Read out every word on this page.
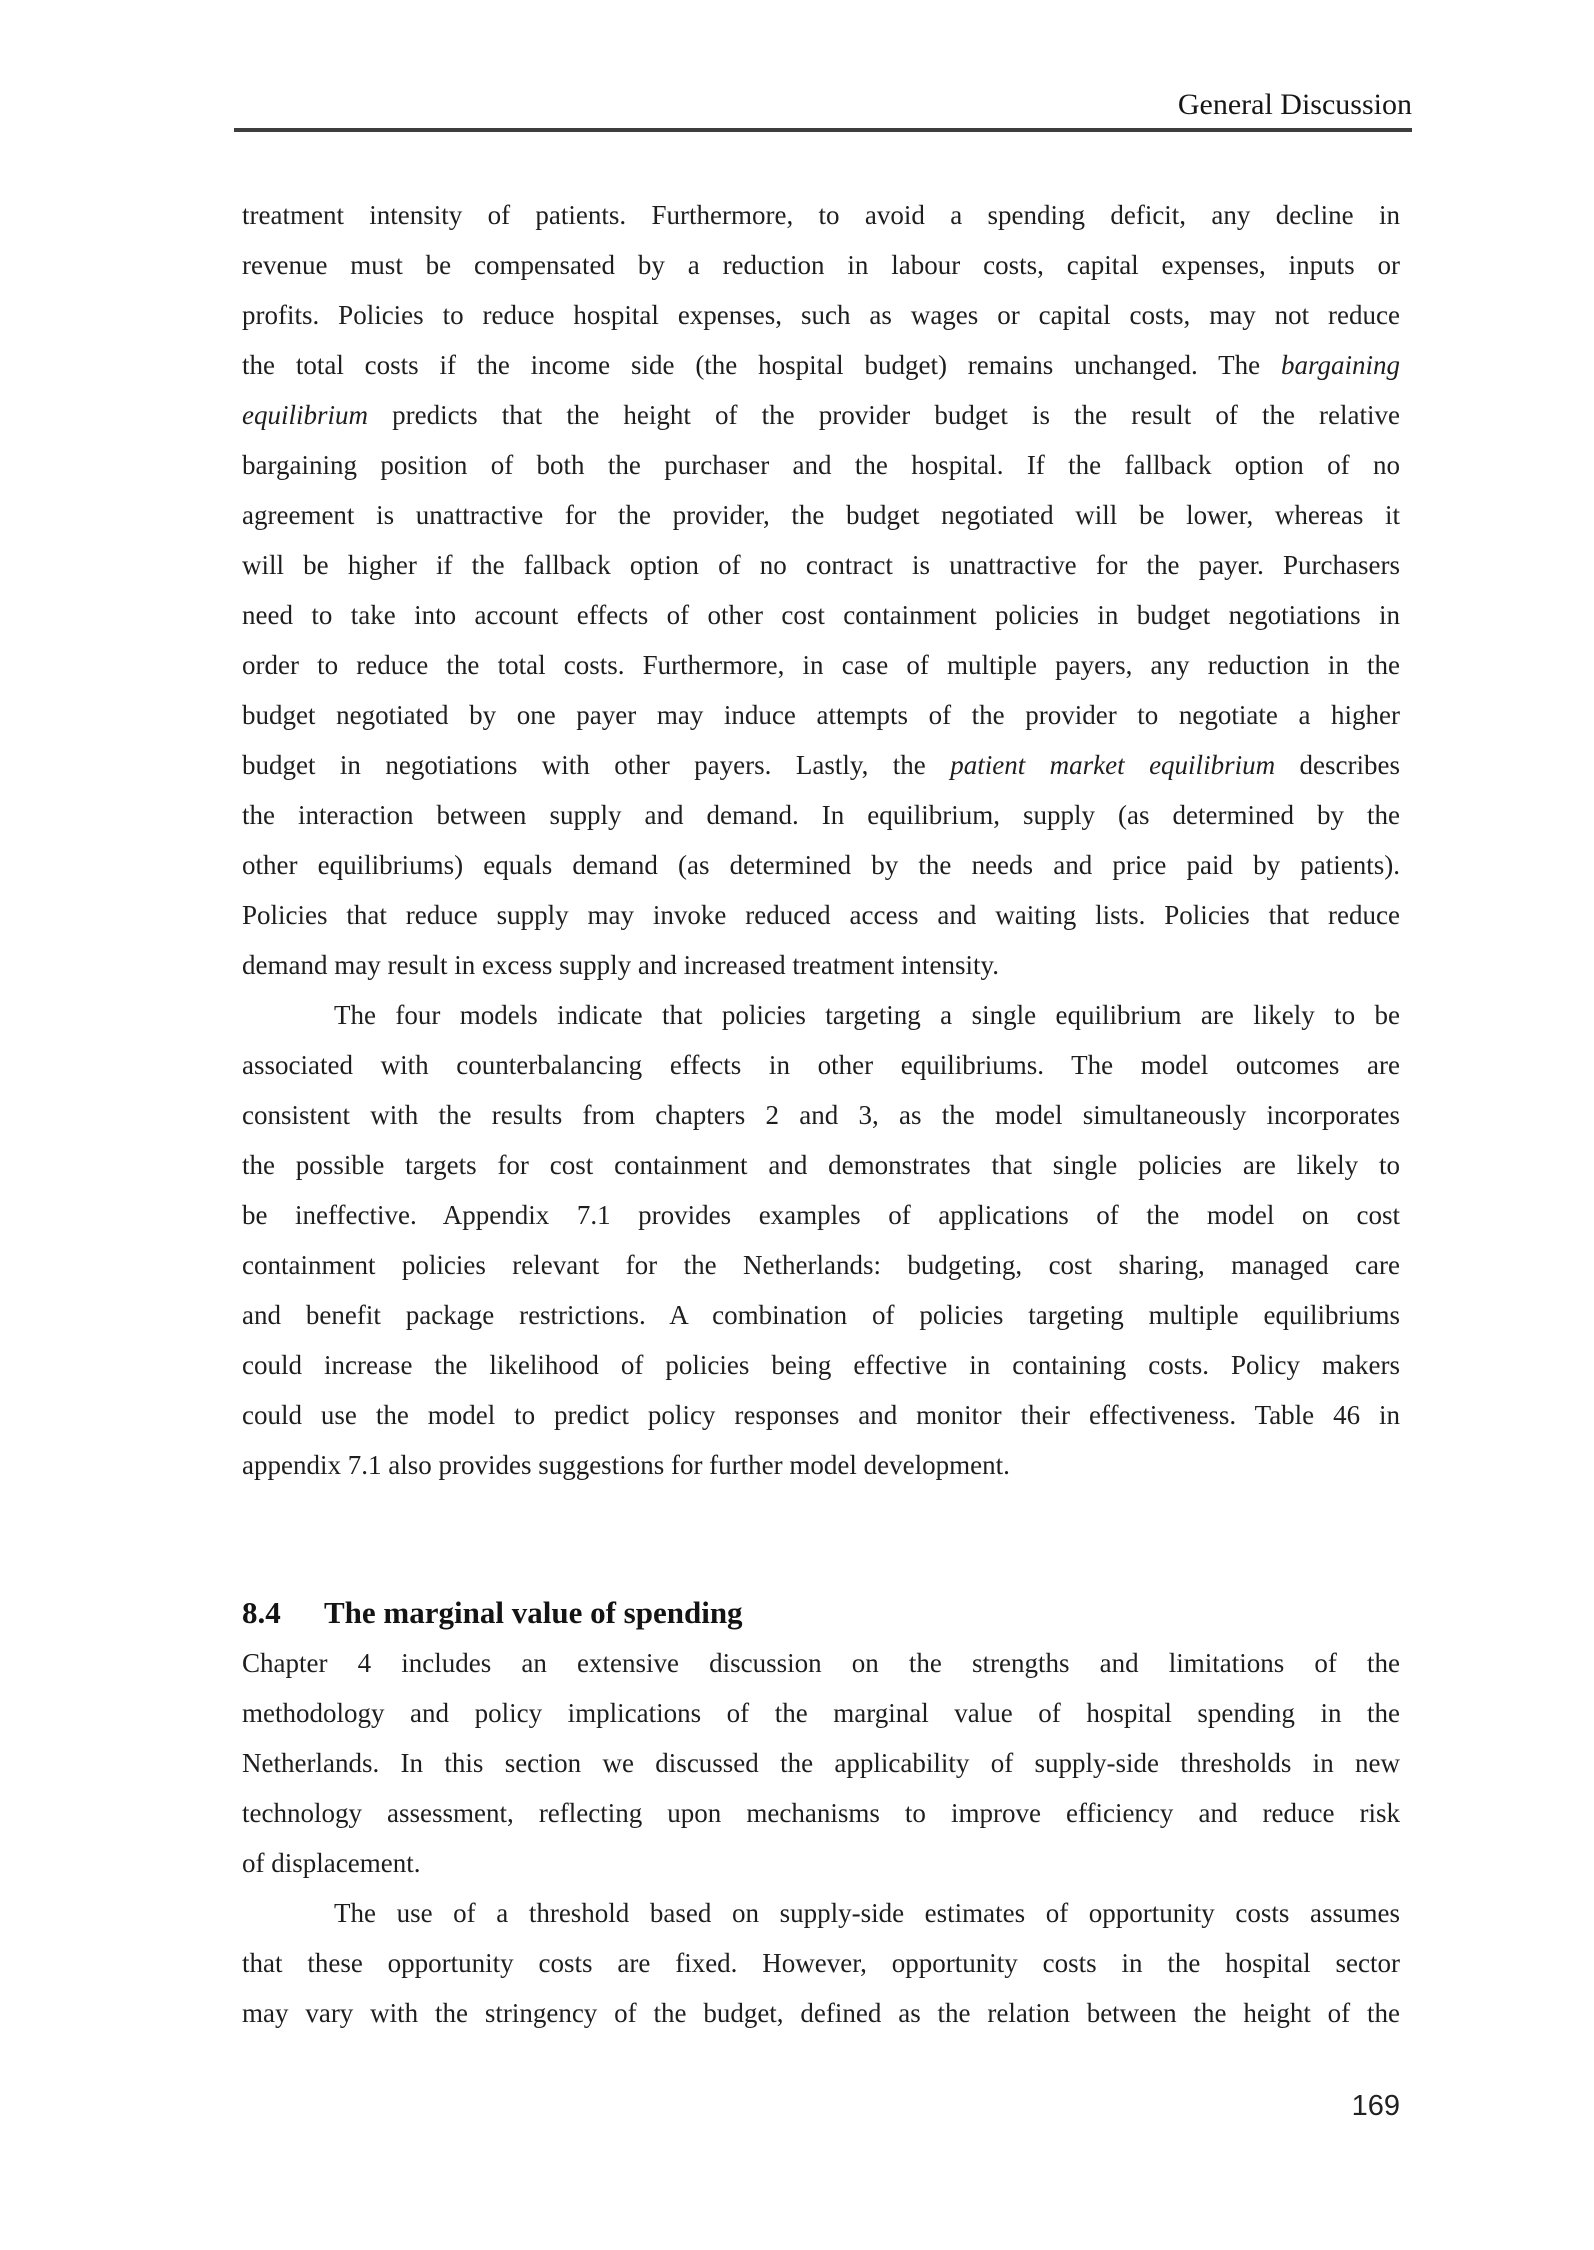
General Discussion
treatment intensity of patients. Furthermore, to avoid a spending deficit, any decline in
revenue must be compensated by a reduction in labour costs, capital expenses, inputs or
profits. Policies to reduce hospital expenses, such as wages or capital costs, may not reduce
the total costs if the income side (the hospital budget) remains unchanged. The bargaining
equilibrium predicts that the height of the provider budget is the result of the relative
bargaining position of both the purchaser and the hospital. If the fallback option of no
agreement is unattractive for the provider, the budget negotiated will be lower, whereas it
will be higher if the fallback option of no contract is unattractive for the payer. Purchasers
need to take into account effects of other cost containment policies in budget negotiations in
order to reduce the total costs. Furthermore, in case of multiple payers, any reduction in the
budget negotiated by one payer may induce attempts of the provider to negotiate a higher
budget in negotiations with other payers. Lastly, the patient market equilibrium describes
the interaction between supply and demand. In equilibrium, supply (as determined by the
other equilibriums) equals demand (as determined by the needs and price paid by patients).
Policies that reduce supply may invoke reduced access and waiting lists. Policies that reduce
demand may result in excess supply and increased treatment intensity.
The four models indicate that policies targeting a single equilibrium are likely to be
associated with counterbalancing effects in other equilibriums. The model outcomes are
consistent with the results from chapters 2 and 3, as the model simultaneously incorporates
the possible targets for cost containment and demonstrates that single policies are likely to
be ineffective. Appendix 7.1 provides examples of applications of the model on cost
containment policies relevant for the Netherlands: budgeting, cost sharing, managed care
and benefit package restrictions. A combination of policies targeting multiple equilibriums
could increase the likelihood of policies being effective in containing costs. Policy makers
could use the model to predict policy responses and monitor their effectiveness. Table 46 in
appendix 7.1 also provides suggestions for further model development.
8.4 The marginal value of spending
Chapter 4 includes an extensive discussion on the strengths and limitations of the
methodology and policy implications of the marginal value of hospital spending in the
Netherlands. In this section we discussed the applicability of supply-side thresholds in new
technology assessment, reflecting upon mechanisms to improve efficiency and reduce risk
of displacement.
The use of a threshold based on supply-side estimates of opportunity costs assumes
that these opportunity costs are fixed. However, opportunity costs in the hospital sector
may vary with the stringency of the budget, defined as the relation between the height of the
169
